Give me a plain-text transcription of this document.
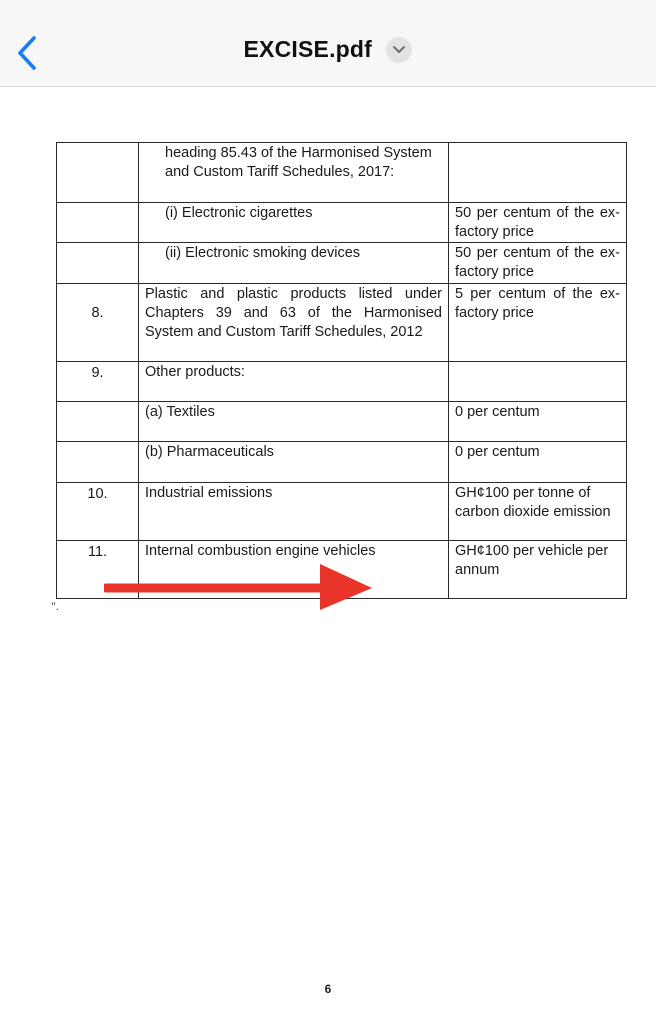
EXCISE.pdf
	heading 85.43 of the Harmonised System and Custom Tariff Schedules, 2017:	
	(i) Electronic cigarettes	50 per centum of the ex-factory price
	(ii) Electronic smoking devices	50 per centum of the ex-factory price
8.	Plastic and plastic products listed under Chapters 39 and 63 of the Harmonised System and Custom Tariff Schedules, 2012	5 per centum of the ex-factory price
9.	Other products:	
	(a) Textiles	0 per centum
	(b) Pharmaceuticals	0 per centum
10.	Industrial emissions	GH¢100 per tonne of carbon dioxide emission
11.	Internal combustion engine vehicles	GH¢100 per vehicle per annum
".
6
